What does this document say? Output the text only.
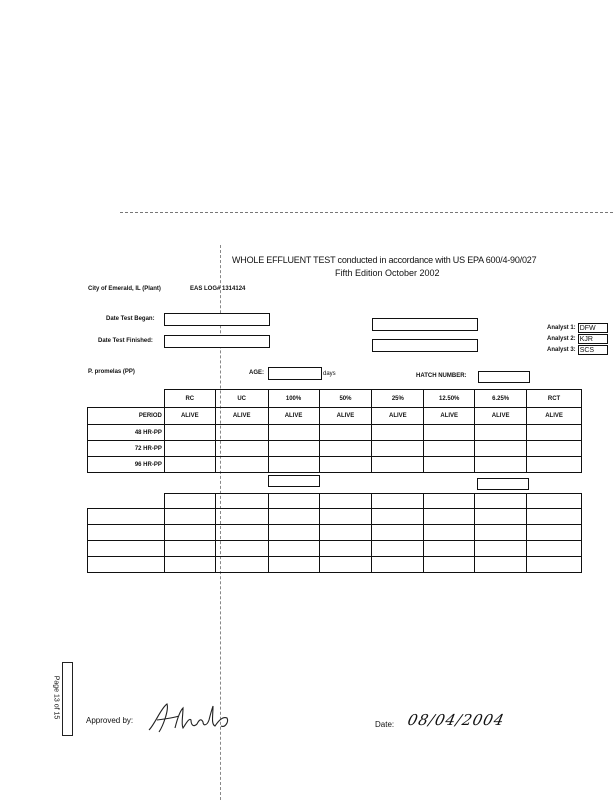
WHOLE EFFLUENT TEST conducted in accordance with US EPA 600/4-90/027
Fifth Edition October 2002
City of Emerald, IL (Plant)	EAS LOG# 1314124
Date Test Began:
Date Test Finished:
Analyst 1: DFW
Analyst 2: KJR
Analyst 3: SCS
P. promelas (PP)	AGE:	days	HATCH NUMBER:
	RC	UC	100%	50%	25%	12.50%	6.25%	RCT
PERIOD	ALIVE	ALIVE	ALIVE	ALIVE	ALIVE	ALIVE	ALIVE	ALIVE
48 HR-PP								
72 HR-PP								
96 HR-PP								

Page 13 of 15
Approved by:	Date: 08/04/2004
